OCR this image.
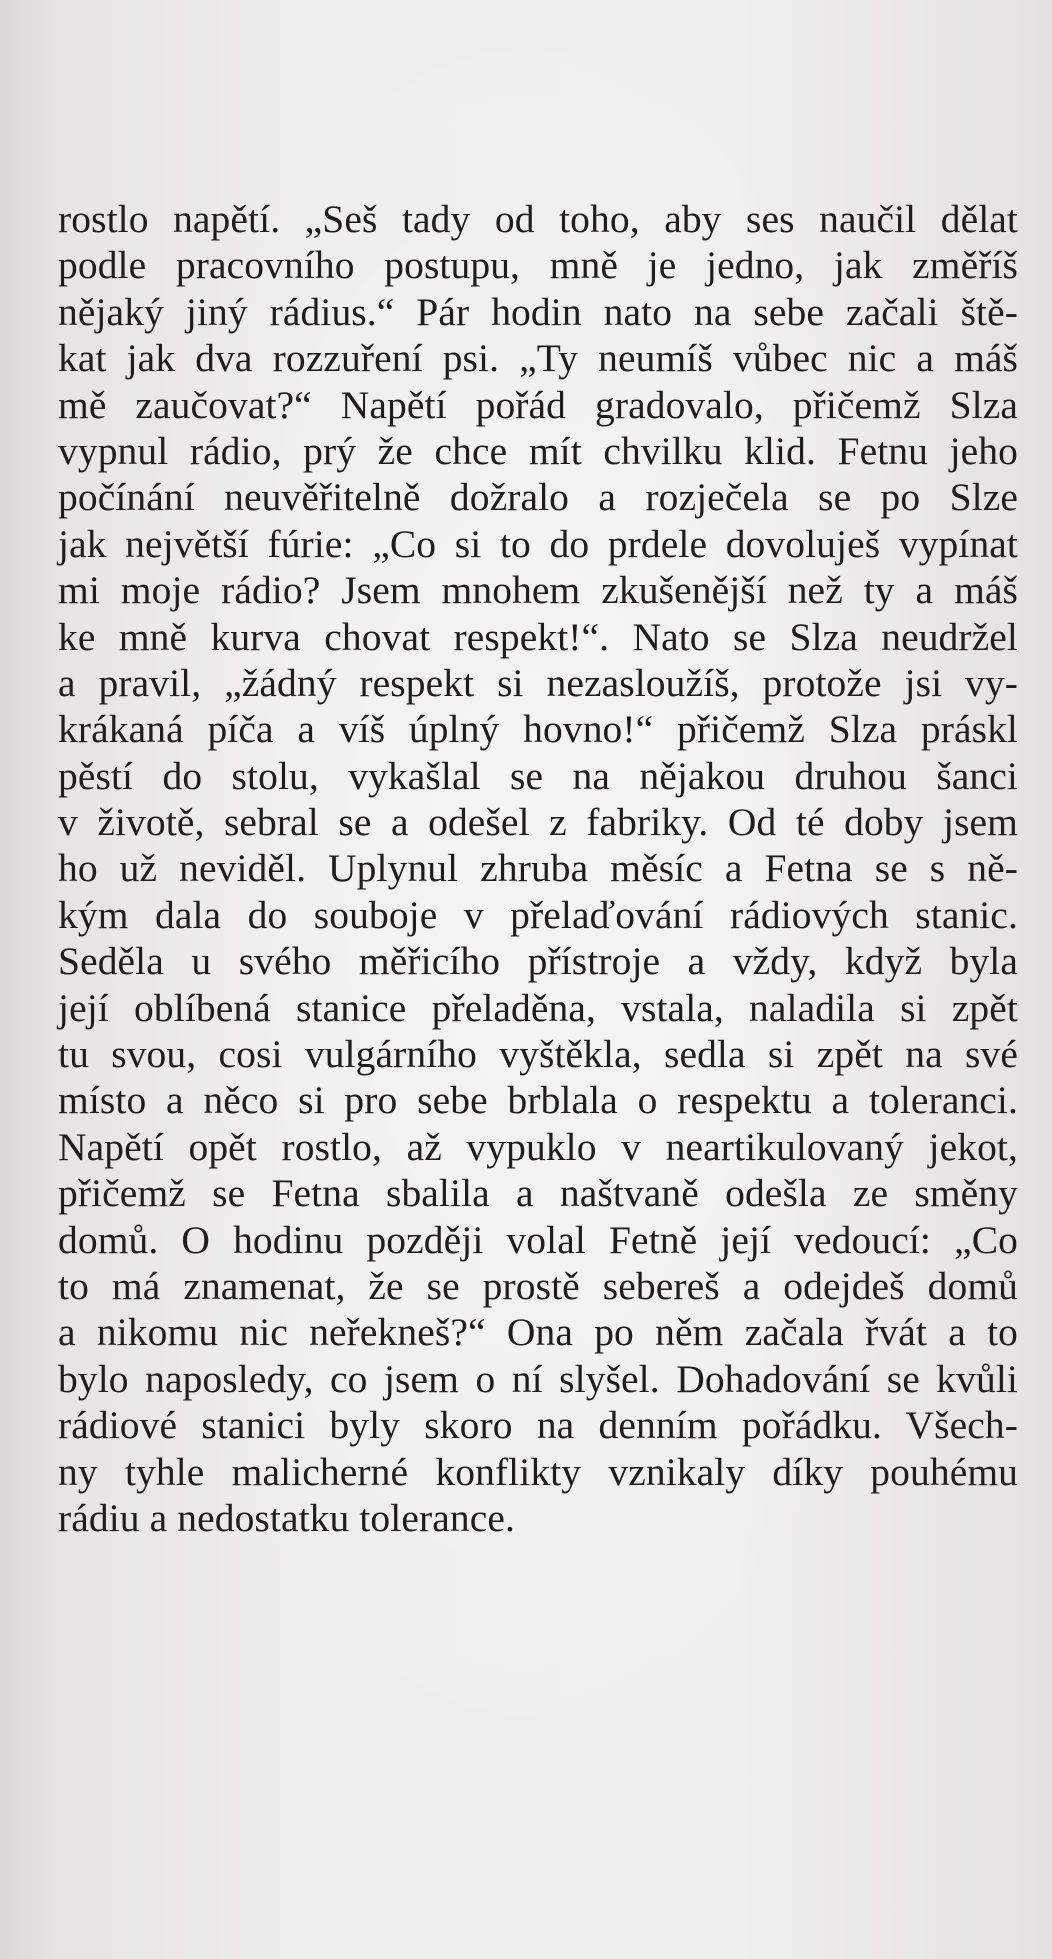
rostlo napětí. „Seš tady od toho, aby ses naučil dělat
podle pracovního postupu, mně je jedno, jak změříš
nějaký jiný rádius.“ Pár hodin nato na sebe začali ště-
kat jak dva rozzuření psi. „Ty neumíš vůbec nic a máš
mě zaučovat?“ Napětí pořád gradovalo, přičemž Slza
vypnul rádio, prý že chce mít chvilku klid. Fetnu jeho
počínání neuvěřitelně dožralo a rozječela se po Slze
jak největší fúrie: „Co si to do prdele dovoluješ vypínat
mi moje rádio? Jsem mnohem zkušenější než ty a máš
ke mně kurva chovat respekt!“. Nato se Slza neudržel
a pravil, „žádný respekt si nezasloužíš, protože jsi vy-
krákaná píča a víš úplný hovno!“ přičemž Slza práskl
pěstí do stolu, vykašlal se na nějakou druhou šanci
v životě, sebral se a odešel z fabriky. Od té doby jsem
ho už neviděl. Uplynul zhruba měsíc a Fetna se s ně-
kým dala do souboje v přelaďování rádiových stanic.
Seděla u svého měřicího přístroje a vždy, když byla
její oblíbená stanice přeladěna, vstala, naladila si zpět
tu svou, cosi vulgárního vyštěkla, sedla si zpět na své
místo a něco si pro sebe brblala o respektu a toleranci.
Napětí opět rostlo, až vypuklo v neartikulovaný jekot,
přičemž se Fetna sbalila a naštvaně odešla ze směny
domů. O hodinu později volal Fetně její vedoucí: „Co
to má znamenat, že se prostě sebereš a odejdeš domů
a nikomu nic neřekneš?“ Ona po něm začala řvát a to
bylo naposledy, co jsem o ní slyšel. Dohadování se kvůli
rádiové stanici byly skoro na denním pořádku. Všech-
ny tyhle malicherné konflikty vznikaly díky pouhému
rádiu a nedostatku tolerance.
